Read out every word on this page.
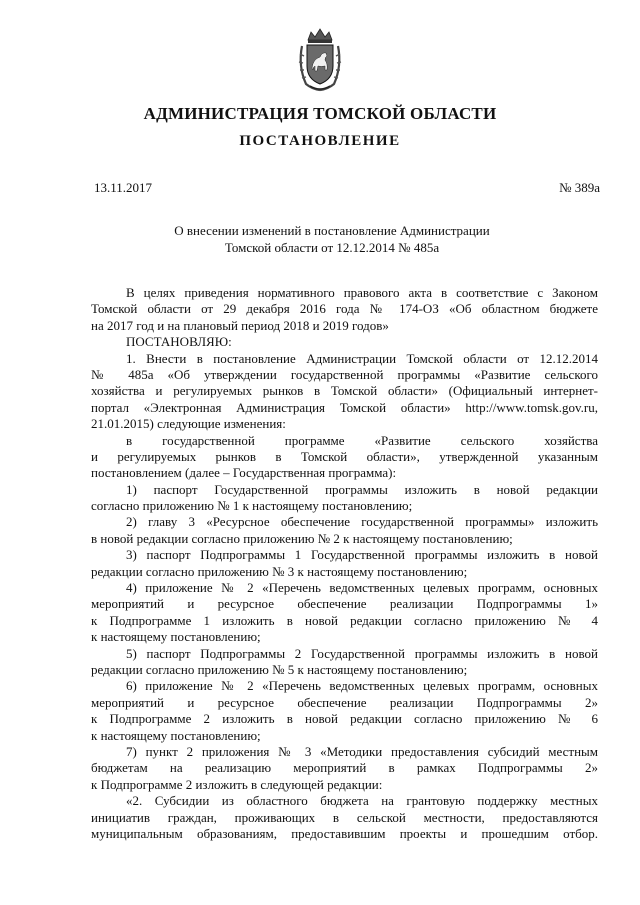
АДМИНИСТРАЦИЯ ТОМСКОЙ ОБЛАСТИ
ПОСТАНОВЛЕНИЕ
13.11.2017	№ 389а
О внесении изменений в постановление Администрации
Томской области от 12.12.2014 № 485а
В целях приведения нормативного правового акта в соответствие с Законом
Томской области от 29 декабря 2016 года № 174-ОЗ «Об областном бюджете
на 2017 год и на плановый период 2018 и 2019 годов»
ПОСТАНОВЛЯЮ:
1. Внести в постановление Администрации Томской области от 12.12.2014
№ 485а «Об утверждении государственной программы «Развитие сельского
хозяйства и регулируемых рынков в Томской области» (Официальный интернет-
портал «Электронная Администрация Томской области» http://www.tomsk.gov.ru,
21.01.2015) следующие изменения:
в государственной программе «Развитие сельского хозяйства
и регулируемых рынков в Томской области», утвержденной указанным
постановлением (далее – Государственная программа):
1) паспорт Государственной программы изложить в новой редакции
согласно приложению № 1 к настоящему постановлению;
2) главу 3 «Ресурсное обеспечение государственной программы» изложить
в новой редакции согласно приложению № 2 к настоящему постановлению;
3) паспорт Подпрограммы 1 Государственной программы изложить в новой
редакции согласно приложению № 3 к настоящему постановлению;
4) приложение № 2 «Перечень ведомственных целевых программ, основных
мероприятий и ресурсное обеспечение реализации Подпрограммы 1»
к Подпрограмме 1 изложить в новой редакции согласно приложению № 4
к настоящему постановлению;
5) паспорт Подпрограммы 2 Государственной программы изложить в новой
редакции согласно приложению № 5 к настоящему постановлению;
6) приложение № 2 «Перечень ведомственных целевых программ, основных
мероприятий и ресурсное обеспечение реализации Подпрограммы 2»
к Подпрограмме 2 изложить в новой редакции согласно приложению № 6
к настоящему постановлению;
7) пункт 2 приложения № 3 «Методики предоставления субсидий местным
бюджетам на реализацию мероприятий в рамках Подпрограммы 2»
к Подпрограмме 2 изложить в следующей редакции:
«2. Субсидии из областного бюджета на грантовую поддержку местных
инициатив граждан, проживающих в сельской местности, предоставляются
муниципальным образованиям, предоставившим проекты и прошедшим отбор.
